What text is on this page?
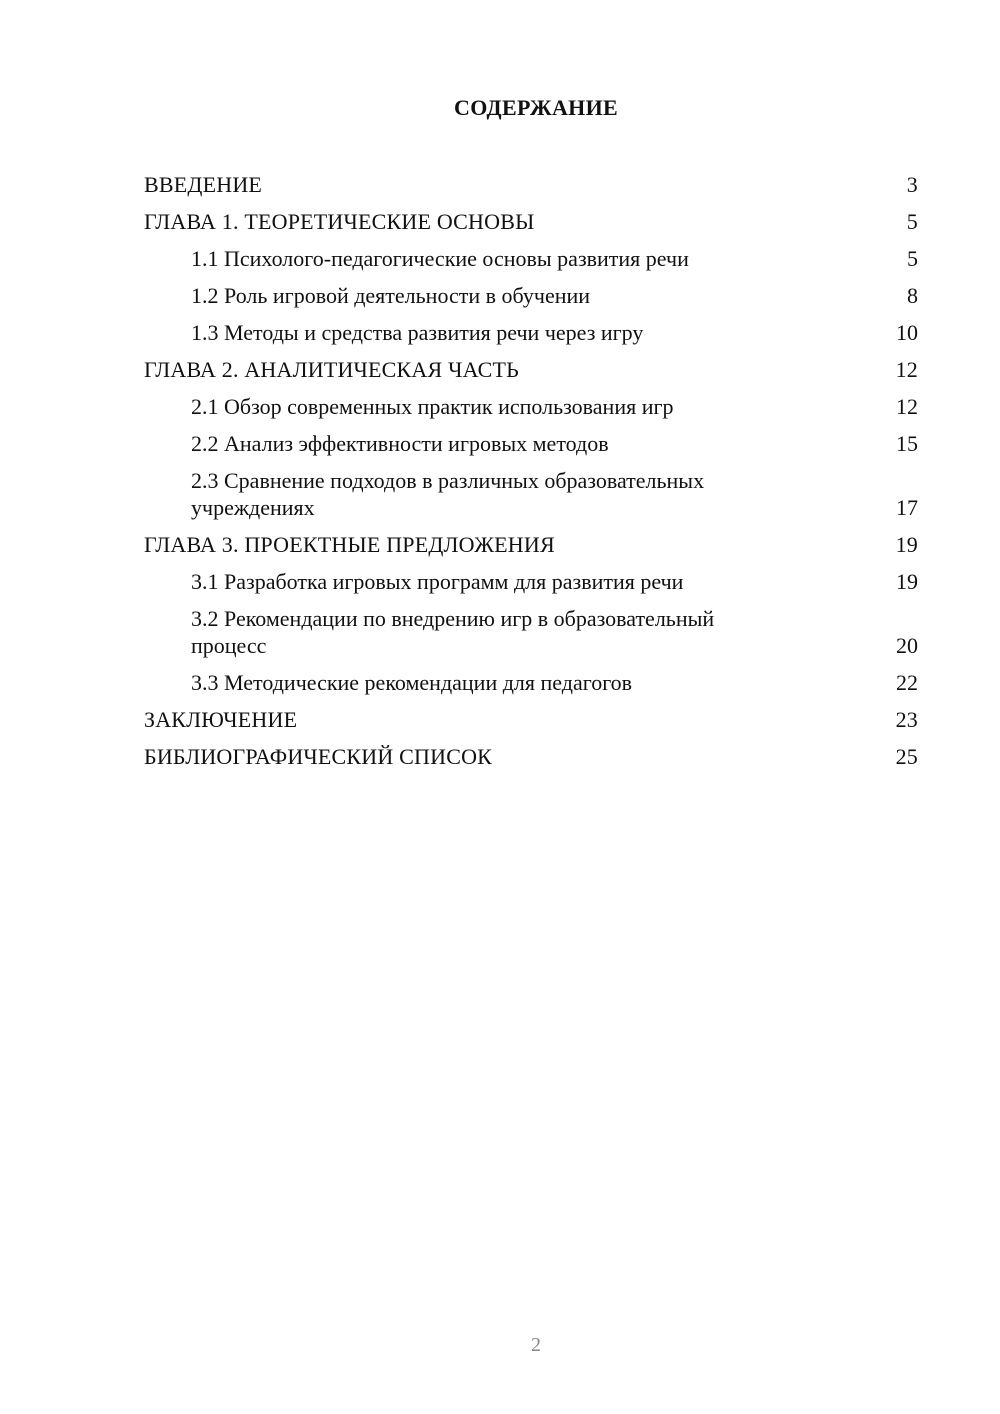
СОДЕРЖАНИЕ
ВВЕДЕНИЕ	3
ГЛАВА 1. ТЕОРЕТИЧЕСКИЕ ОСНОВЫ	5
1.1 Психолого-педагогические основы развития речи	5
1.2 Роль игровой деятельности в обучении	8
1.3 Методы и средства развития речи через игру	10
ГЛАВА 2. АНАЛИТИЧЕСКАЯ ЧАСТЬ	12
2.1 Обзор современных практик использования игр	12
2.2 Анализ эффективности игровых методов	15
2.3 Сравнение подходов в различных образовательных учреждениях	17
ГЛАВА 3. ПРОЕКТНЫЕ ПРЕДЛОЖЕНИЯ	19
3.1 Разработка игровых программ для развития речи	19
3.2 Рекомендации по внедрению игр в образовательный процесс	20
3.3 Методические рекомендации для педагогов	22
ЗАКЛЮЧЕНИЕ	23
БИБЛИОГРАФИЧЕСКИЙ СПИСОК	25
2
